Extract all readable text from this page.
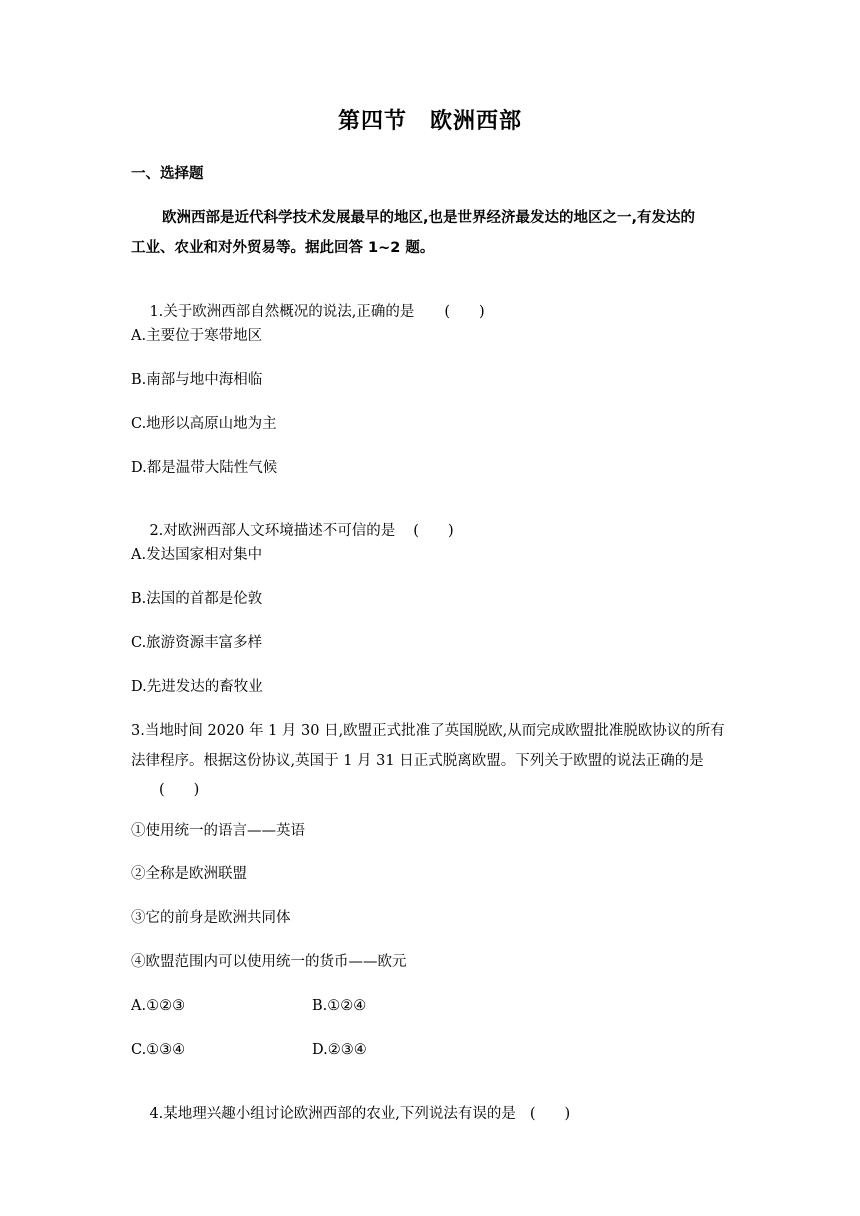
第四节　欧洲西部
一、选择题
欧洲西部是近代科学技术发展最早的地区,也是世界经济最发达的地区之一,有发达的
工业、农业和对外贸易等。据此回答 1~2 题。

1.关于欧洲西部自然概况的说法,正确的是 (　　)

A.主要位于寒带地区
B.南部与地中海相临
C.地形以高原山地为主
D.都是温带大陆性气候

2.对欧洲西部人文环境描述不可信的是 (　　)

A.发达国家相对集中
B.法国的首都是伦敦
C.旅游资源丰富多样
D.先进发达的畜牧业
3.当地时间 2020 年 1 月 30 日,欧盟正式批准了英国脱欧,从而完成欧盟批准脱欧协议的所有
法律程序。根据这份协议,英国于 1 月 31 日正式脱离欧盟。下列关于欧盟的说法正确的是
(　　)
①使用统一的语言——英语
②全称是欧洲联盟
③它的前身是欧洲共同体
④欧盟范围内可以使用统一的货币——欧元
A.①②③	B.①②④
C.①③④	D.②③④

4.某地理兴趣小组讨论欧洲西部的农业,下列说法有误的是 (　　)
